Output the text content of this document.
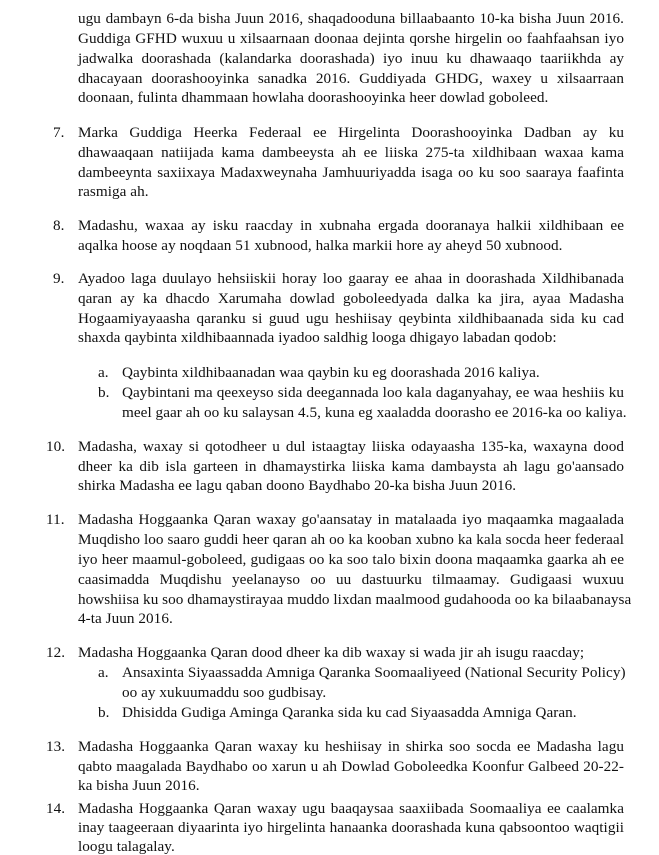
ugu dambayn 6-da bisha Juun 2016, shaqadooduna billaabaanto 10-ka bisha Juun 2016.
Guddiga GFHD wuxuu u xilsaarnaan doonaa dejinta qorshe hirgelin oo faahfaahsan iyo
jadwalka doorashada (kalandarka doorashada) iyo inuu ku dhawaaqo taariikhda ay
dhacayaan doorashooyinka sanadka 2016. Guddiyada GHDG, waxey u xilsaarraan
doonaan, fulinta dhammaan howlaha doorashooyinka heer dowlad goboleed.
7. Marka Guddiga Heerka Federaal ee Hirgelinta Doorashooyinka Dadban ay ku
dhawaaqaan natiijada kama dambeeysta ah ee liiska 275-ta xildhibaan waxaa kama
dambeeynta saxiixaya Madaxweynaha Jamhuuriyadda isaga oo ku soo saaraya faafinta
rasmiga ah.
8. Madashu, waxaa ay isku raacday in xubnaha ergada dooranaya halkii xildhibaan ee
aqalka hoose ay noqdaan 51 xubnood, halka markii hore ay aheyd 50 xubnood.
9. Ayadoo laga duulayo hehsiiskii horay loo gaaray ee ahaa in doorashada Xildhibanada
qaran ay ka dhacdo Xarumaha dowlad goboleedyada dalka ka jira, ayaa Madasha
Hogaamiyayaasha qaranku si guud ugu heshiisay qeybinta xildhibaanada sida ku cad
shaxda qaybinta xildhibaannada iyadoo saldhig looga dhigayo labadan qodob:
a. Qaybinta xildhibaanadan waa qaybin ku eg doorashada 2016 kaliya.
b. Qaybintani ma qeexeyso sida deegannada loo kala daganyahay, ee waa heshiis ku
meel gaar ah oo ku salaysan 4.5, kuna eg xaaladda doorasho ee 2016-ka oo kaliya.
10. Madasha, waxay si qotodheer u dul istaagtay liiska odayaasha 135-ka, waxayna dood
dheer ka dib isla garteen in dhamaystirka liiska kama dambaysta ah lagu go'aansado
shirka Madasha ee lagu qaban doono Baydhabo 20-ka bisha Juun 2016.
11. Madasha Hoggaanka Qaran waxay go'aansatay in matalaada iyo maqaamka magaalada
Muqdisho loo saaro guddi heer qaran ah oo ka kooban xubno ka kala socda heer federaal
iyo heer maamul-goboleed, gudigaas oo ka soo talo bixin doona maqaamka gaarka ah ee
caasimadda Muqdishu yeelanayso oo uu dastuurku tilmaamay. Gudigaasi wuxuu
howshiisa ku soo dhamaystirayaa muddo lixdan maalmood gudahooda oo ka bilaabanaysa
4-ta Juun 2016.
12. Madasha Hoggaanka Qaran dood dheer ka dib waxay si wada jir ah isugu raacday;
a. Ansaxinta Siyaassadda Amniga Qaranka Soomaaliyeed (National Security Policy)
oo ay xukuumaddu soo gudbisay.
b. Dhisidda Gudiga Aminga Qaranka sida ku cad Siyaasadda Amniga Qaran.
13. Madasha Hoggaanka Qaran waxay ku heshiisay in shirka soo socda ee Madasha lagu
qabto maagalada Baydhabo oo xarun u ah Dowlad Goboleedka Koonfur Galbeed 20-22-
ka bisha Juun 2016.
14. Madasha Hoggaanka Qaran waxay ugu baaqaysaa saaxiibada Soomaaliya ee caalamka
inay taageeraan diyaarinta iyo hirgelinta hanaanka doorashada kuna qabsoontoo waqtigii
loogu talagalay.
